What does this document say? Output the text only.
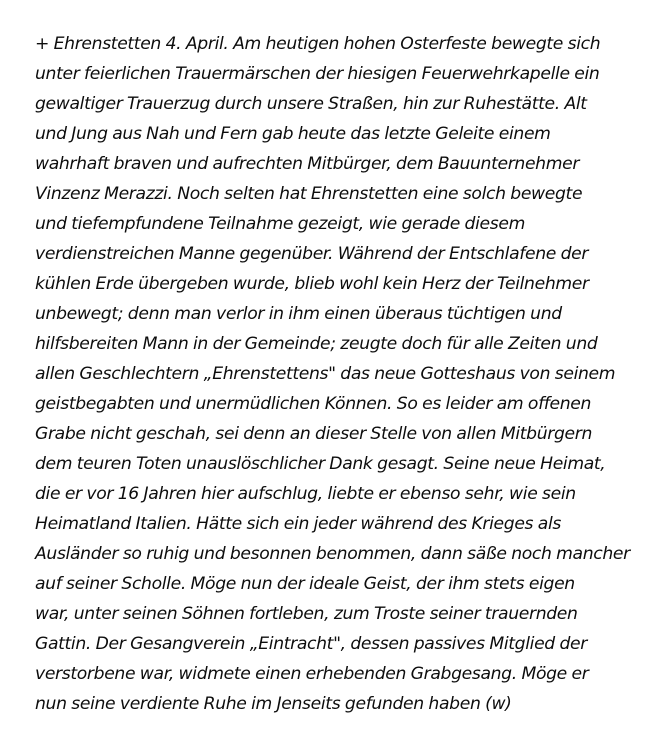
+ Ehrenstetten 4. April. Am heutigen hohen Osterfeste bewegte sich
unter feierlichen Trauermärschen der hiesigen Feuerwehrkapelle ein
gewaltiger Trauerzug durch unsere Straßen, hin zur Ruhestätte. Alt
und Jung aus Nah und Fern gab heute das letzte Geleite einem
wahrhaft braven und aufrechten Mitbürger, dem Bauunternehmer
Vinzenz Merazzi. Noch selten hat Ehrenstetten eine solch bewegte
und tiefempfundene Teilnahme gezeigt, wie gerade diesem
verdienstreichen Manne gegenüber. Während der Entschlafene der
kühlen Erde übergeben wurde, blieb wohl kein Herz der Teilnehmer
unbewegt; denn man verlor in ihm einen überaus tüchtigen und
hilfsbereiten Mann in der Gemeinde; zeugte doch für alle Zeiten und
allen Geschlechtern „Ehrenstettens" das neue Gotteshaus von seinem
geistbegabten und unermüdlichen Können. So es leider am offenen
Grabe nicht geschah, sei denn an dieser Stelle von allen Mitbürgern
dem teuren Toten unauslöschlicher Dank gesagt. Seine neue Heimat,
die er vor 16 Jahren hier aufschlug, liebte er ebenso sehr, wie sein
Heimatland Italien. Hätte sich ein jeder während des Krieges als
Ausländer so ruhig und besonnen benommen, dann säße noch mancher
auf seiner Scholle. Möge nun der ideale Geist, der ihm stets eigen
war, unter seinen Söhnen fortleben, zum Troste seiner trauernden
Gattin. Der Gesangverein „Eintracht", dessen passives Mitglied der
verstorbene war, widmete einen erhebenden Grabgesang. Möge er
nun seine verdiente Ruhe im Jenseits gefunden haben (w)
